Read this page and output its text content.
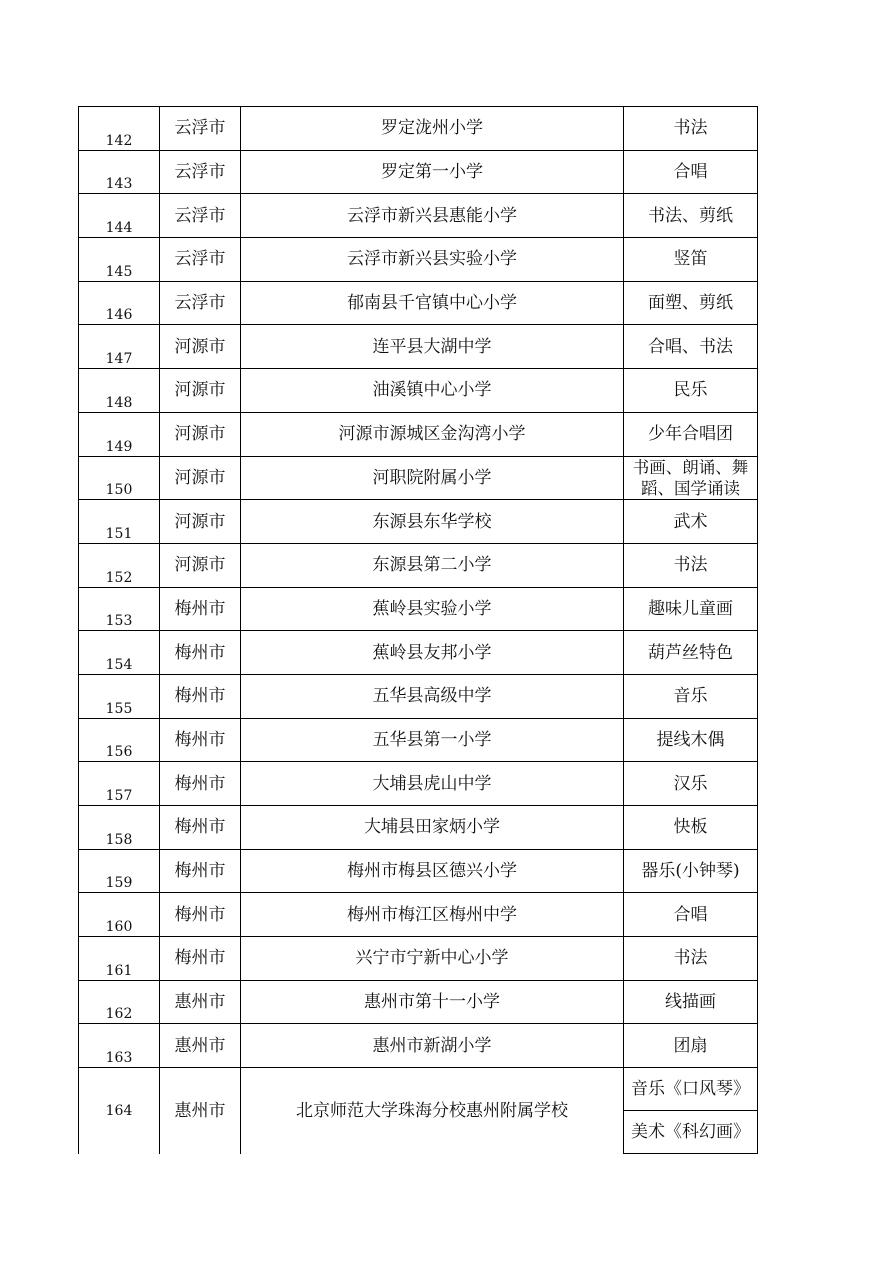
142	云浮市	罗定泷州小学	书法
143	云浮市	罗定第一小学	合唱
144	云浮市	云浮市新兴县惠能小学	书法、剪纸
145	云浮市	云浮市新兴县实验小学	竖笛
146	云浮市	郁南县千官镇中心小学	面塑、剪纸
147	河源市	连平县大湖中学	合唱、书法
148	河源市	油溪镇中心小学	民乐
149	河源市	河源市源城区金沟湾小学	少年合唱团
150	河源市	河职院附属小学	书画、朗诵、舞蹈、国学诵读
151	河源市	东源县东华学校	武术
152	河源市	东源县第二小学	书法
153	梅州市	蕉岭县实验小学	趣味儿童画
154	梅州市	蕉岭县友邦小学	葫芦丝特色
155	梅州市	五华县高级中学	音乐
156	梅州市	五华县第一小学	提线木偶
157	梅州市	大埔县虎山中学	汉乐
158	梅州市	大埔县田家炳小学	快板
159	梅州市	梅州市梅县区德兴小学	器乐(小钟琴)
160	梅州市	梅州市梅江区梅州中学	合唱
161	梅州市	兴宁市宁新中心小学	书法
162	惠州市	惠州市第十一小学	线描画
163	惠州市	惠州市新湖小学	团扇
164	惠州市	北京师范大学珠海分校惠州附属学校	音乐《口风琴》
美术《科幻画》
